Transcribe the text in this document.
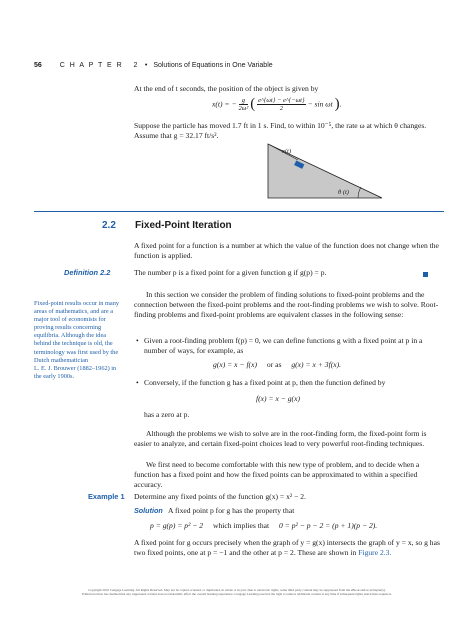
56	C H A P T E R   2 • Solutions of Equations in One Variable
At the end of t seconds, the position of the object is given by
x(t) = − $\frac{g}{\text{2ω²}}$ ( $\frac{e\^{}\{\omega t\} - e\^{}\{-\omega t\}}{2} - \sin \omega t$ ).
Suppose the particle has moved 1.7 ft in 1 s. Find, to within 10⁻⁵, the rate ω at which θ changes. Assume that g = 32.17 ft/s².
x(t)
θ (t)
2.2 Fixed-Point Iteration
A fixed point for a function is a number at which the value of the function does not change when the function is applied.
Definition 2.2	The number p is a fixed point for a given function g if g(p) = p.
Fixed-point results occur in many
areas of mathematics, and are a
major tool of economists for
proving results concerning
equilibria. Although the idea
behind the technique is old, the
terminology was first used by the
Dutch mathematician
L. E. J. Brouwer (1882–1962) in
the early 1900s.
In this section we consider the problem of finding solutions to fixed-point problems and the connection between the fixed-point problems and the root-finding problems we wish to solve. Root-finding problems and fixed-point problems are equivalent classes in the following sense:
• Given a root-finding problem f(p) = 0, we can define functions g with a fixed point at p in a number of ways, for example, as
g(x) = x − f(x) or as g(x) = x + 3f(x).
• Conversely, if the function g has a fixed point at p, then the function defined by
f(x) = x − g(x)
has a zero at p.
Although the problems we wish to solve are in the root-finding form, the fixed-point form is easier to analyze, and certain fixed-point choices lead to very powerful root-finding techniques.
We first need to become comfortable with this new type of problem, and to decide when a function has a fixed point and how the fixed points can be approximated to within a specified accuracy.
Example 1 Determine any fixed points of the function g(x) = x² − 2.
Solution A fixed point p for g has the property that
p = g(p) = p² − 2 which implies that 0 = p² − p − 2 = (p + 1)(p − 2).
A fixed point for g occurs precisely when the graph of y = g(x) intersects the graph of y = x, so g has two fixed points, one at p = −1 and the other at p = 2. These are shown in Figure 2.3.
Copyright 2010 Cengage Learning. All Rights Reserved. May not be copied, scanned, or duplicated, in whole or in part. Due to electronic rights, some third party content may be suppressed from the eBook and/or eChapter(s).
Editorial review has deemed that any suppressed content does not materially affect the overall learning experience. Cengage Learning reserves the right to remove additional content at any time if subsequent rights restrictions require it.
